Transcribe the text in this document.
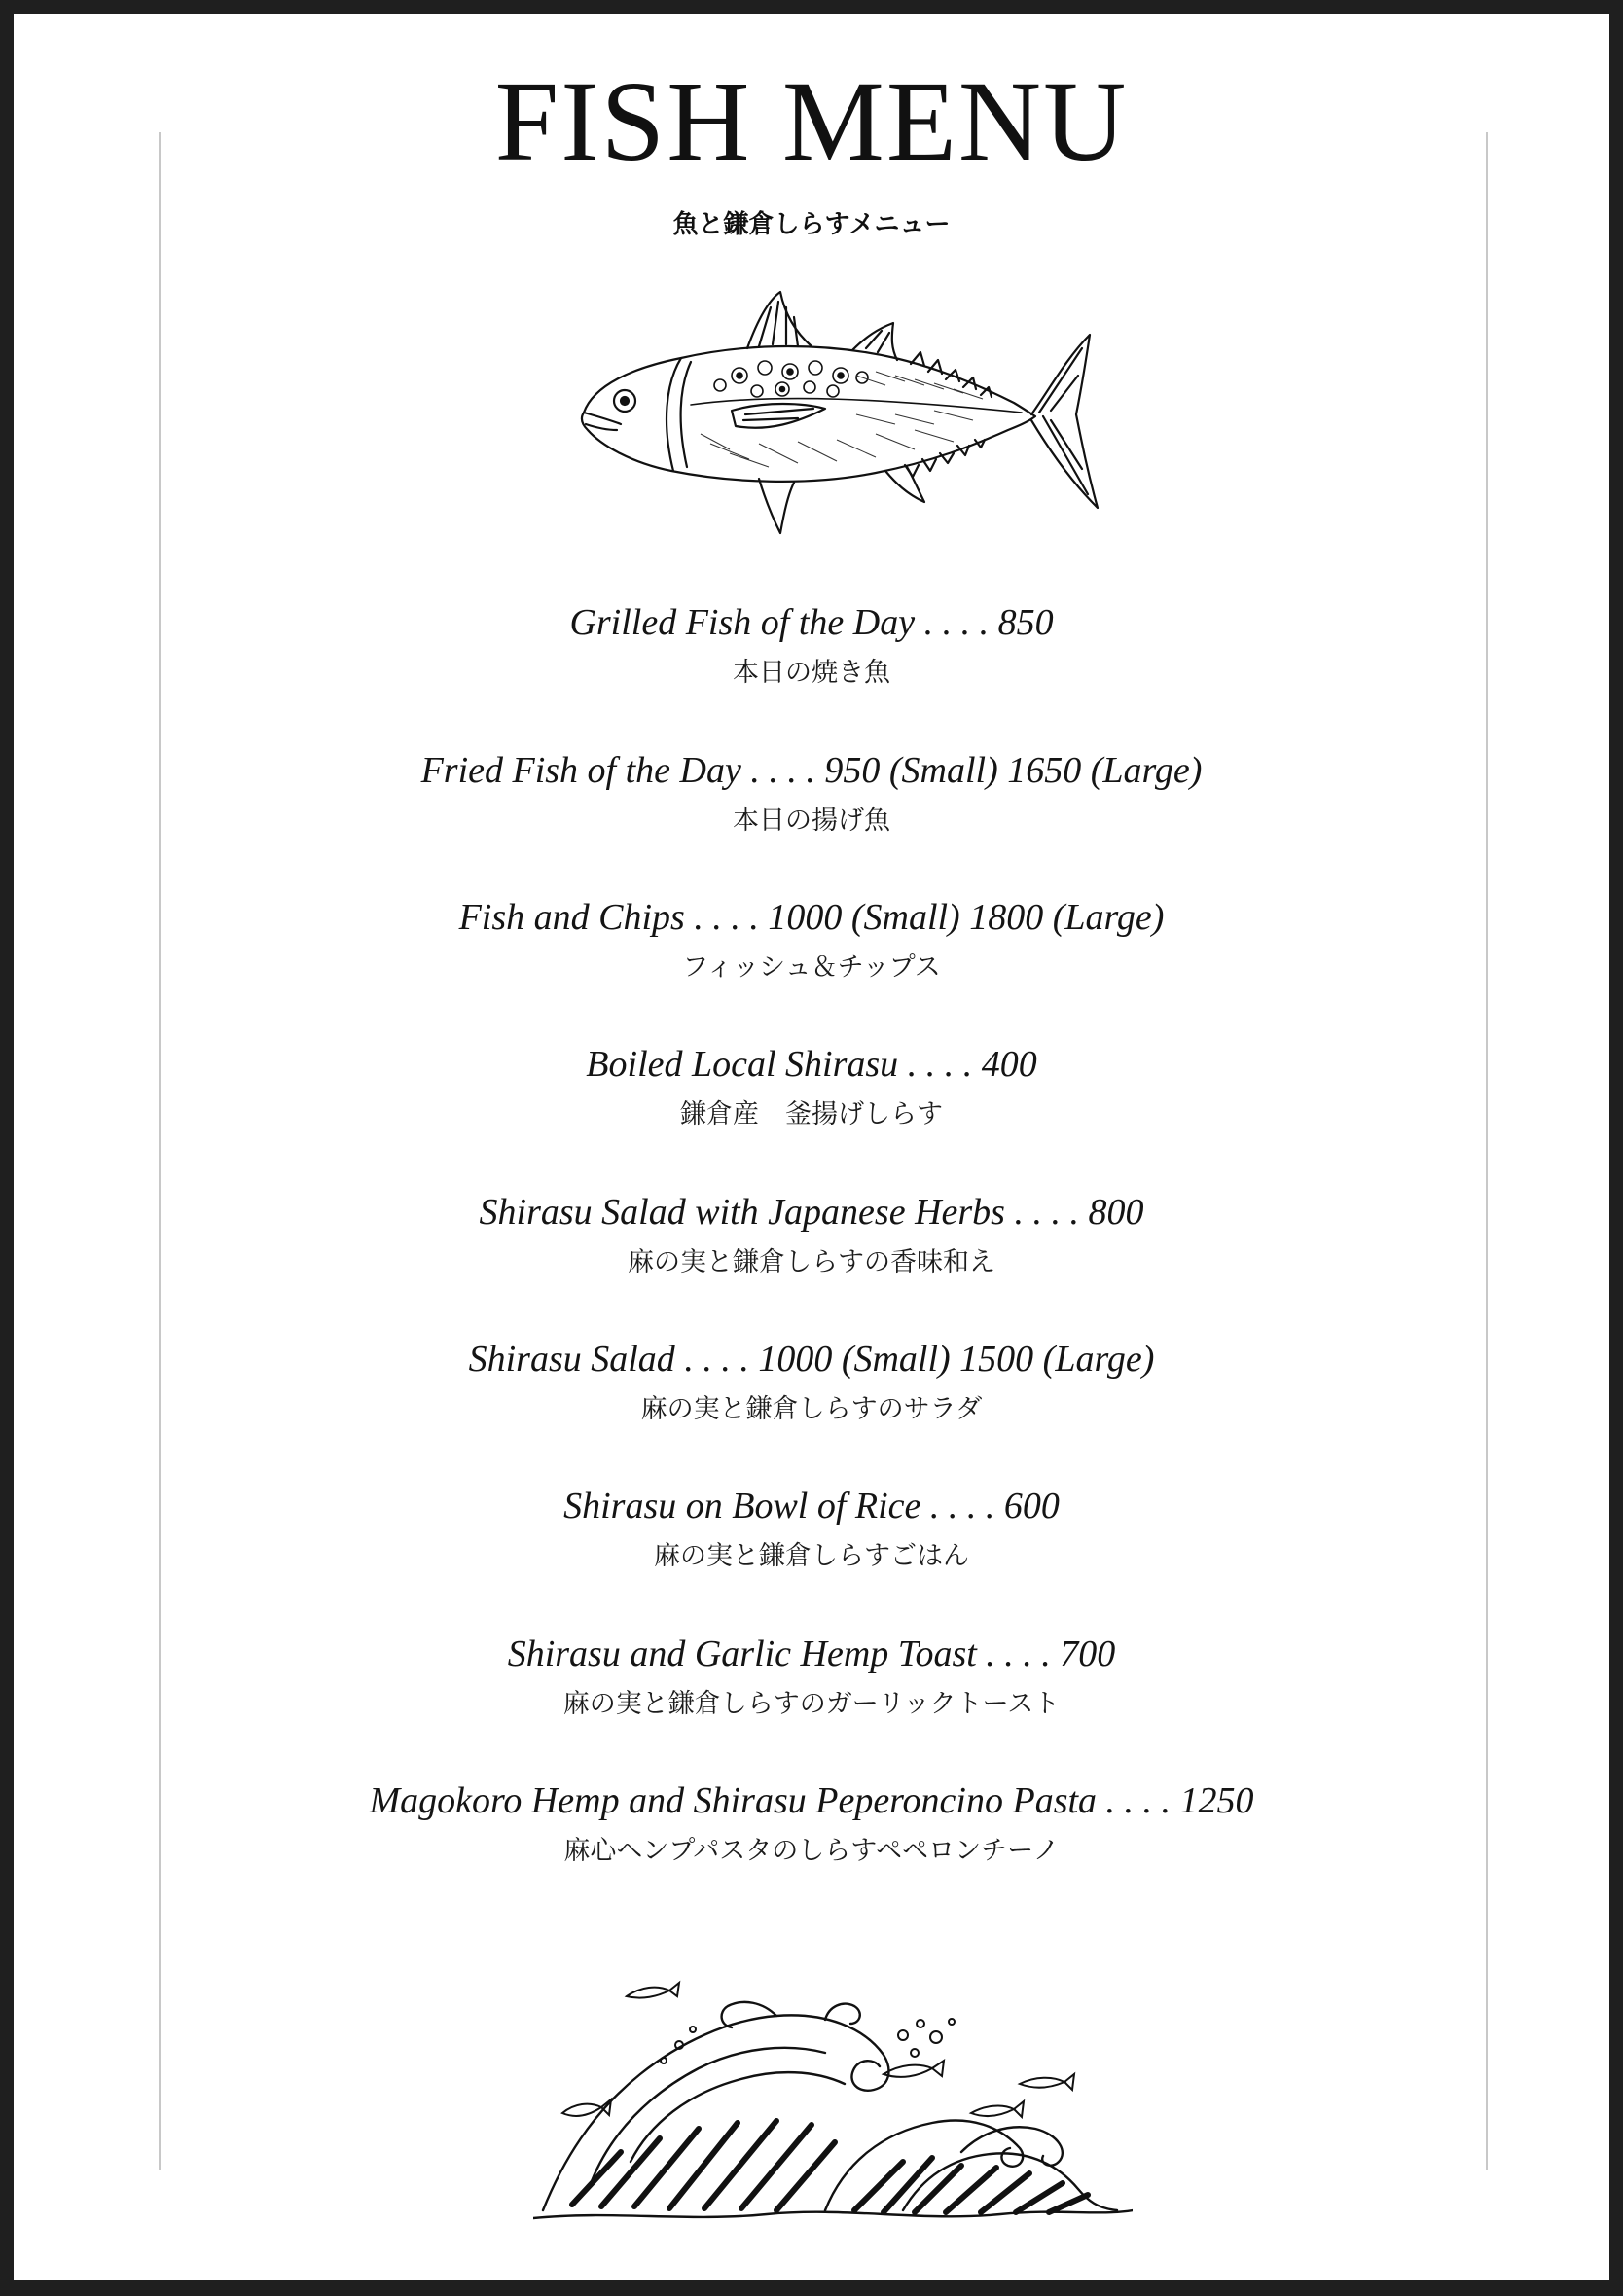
FISH MENU
魚と鎌倉しらすメニュー
Grilled Fish of the Day . . . . 850
本日の焼き魚
Fried Fish of the Day . . . . 950 (Small) 1650 (Large)
本日の揚げ魚
Fish and Chips . . . . 1000 (Small) 1800 (Large)
フィッシュ＆チップス
Boiled Local Shirasu . . . . 400
鎌倉産　釜揚げしらす
Shirasu Salad with Japanese Herbs . . . . 800
麻の実と鎌倉しらすの香味和え
Shirasu Salad . . . . 1000 (Small) 1500 (Large)
麻の実と鎌倉しらすのサラダ
Shirasu on Bowl of Rice . . . . 600
麻の実と鎌倉しらすごはん
Shirasu and Garlic Hemp Toast . . . . 700
麻の実と鎌倉しらすのガーリックトースト
Magokoro Hemp and Shirasu Peperoncino Pasta . . . . 1250
麻心ヘンプパスタのしらすペペロンチーノ
